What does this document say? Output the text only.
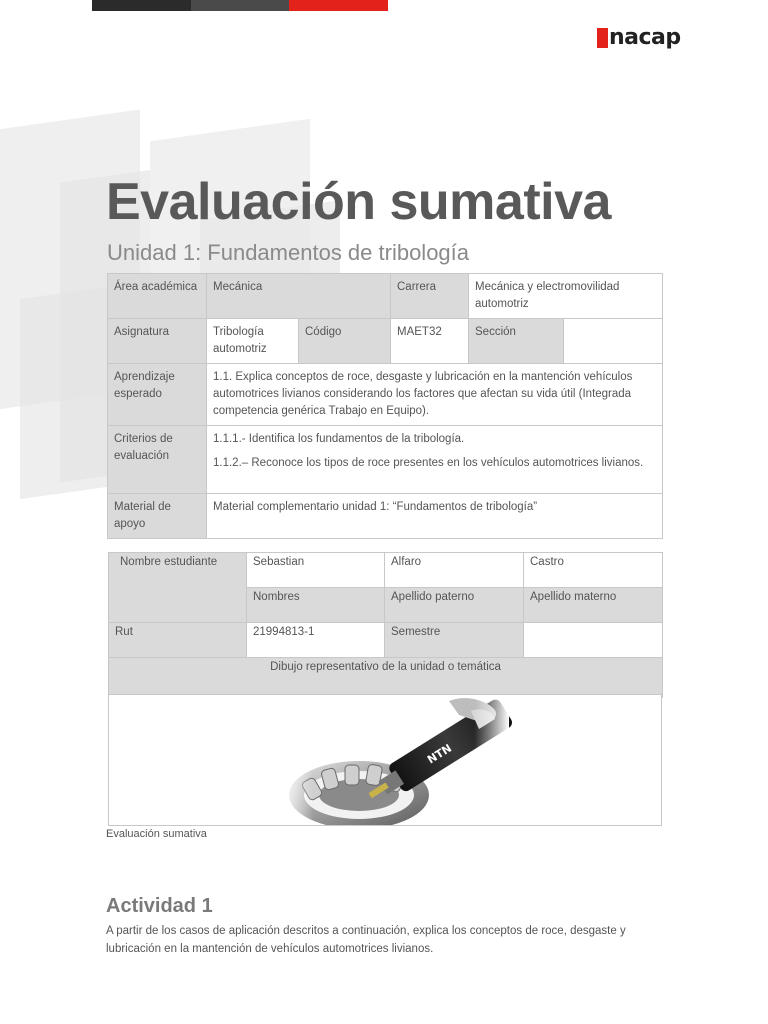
nacap
Evaluación sumativa
Unidad 1: Fundamentos de tribología
Área académica	Mecánica		Carrera	Mecánica y electromovilidad automotriz	
Asignatura	Tribología automotriz	Código	MAET32	Sección	
Aprendizaje esperado	1.1. Explica conceptos de roce, desgaste y lubricación en la mantención vehículos automotrices livianos considerando los factores que afectan su vida útil (Integrada competencia genérica Trabajo en Equipo).				
Criterios de evaluación	1.1.1.- Identifica los fundamentos de la tribología.
1.1.2.– Reconoce los tipos de roce presentes en los vehículos automotrices livianos.				

Material de apoyo	Material complementario unidad 1: “Fundamentos de tribología”				
Nombre estudiante	Sebastian	Alfaro	Castro
	Nombres	Apellido paterno	Apellido materno
Rut	21994813-1	Semestre	
Dibujo representativo de la unidad o temática			
Evaluación sumativa
Actividad 1

A partir de los casos de aplicación descritos a continuación, explica los conceptos de roce, desgaste y lubricación en la mantención de vehículos automotrices livianos.
